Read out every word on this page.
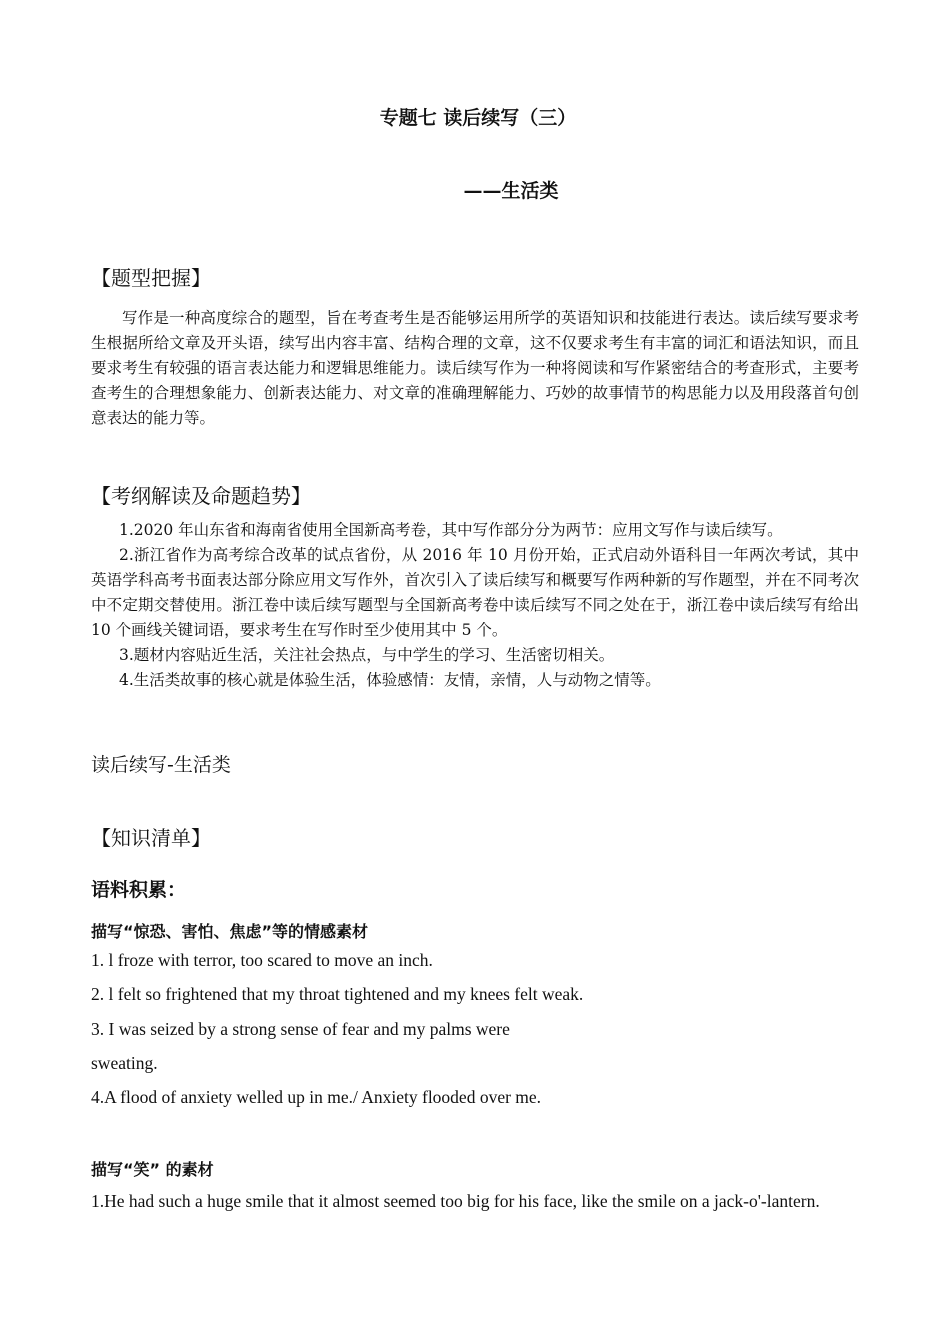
专题七 读后续写（三）
——生活类
【题型把握】

写作是一种高度综合的题型，旨在考查考生是否能够运用所学的英语知识和技能进行表达。读后续写要求考生根据所给文章及开头语，续写出内容丰富、结构合理的文章，这不仅要求考生有丰富的词汇和语法知识，而且要求考生有较强的语言表达能力和逻辑思维能力。读后续写作为一种将阅读和写作紧密结合的考查形式，主要考查考生的合理想象能力、创新表达能力、对文章的准确理解能力、巧妙的故事情节的构思能力以及用段落首句创意表达的能力等。

【考纲解读及命题趋势】

1.2020 年山东省和海南省使用全国新高考卷，其中写作部分分为两节：应用文写作与读后续写。

2.浙江省作为高考综合改革的试点省份，从 2016 年 10 月份开始，正式启动外语科目一年两次考试，其中英语学科高考书面表达部分除应用文写作外，首次引入了读后续写和概要写作两种新的写作题型，并在不同考次中不定期交替使用。浙江卷中读后续写题型与全国新高考卷中读后续写不同之处在于，浙江卷中读后续写有给出 10 个画线关键词语，要求考生在写作时至少使用其中 5 个。

3.题材内容贴近生活，关注社会热点，与中学生的学习、生活密切相关。

4.生活类故事的核心就是体验生活，体验感情：友情，亲情，人与动物之情等。

读后续写-生活类
【知识清单】
语料积累：
描写“惊恐、害怕、焦虑”等的情感素材
1. l froze with terror, too scared to move an inch.
2. l felt so frightened that my throat tightened and my knees felt weak.
3. I was seized by a strong sense of fear and my palms were
sweating.
4.A flood of anxiety welled up in me./ Anxiety flooded over me.
描写“笑” 的素材
1.He had such a huge smile that it almost seemed too big for his face, like the smile on a jack-o'-lantern.
